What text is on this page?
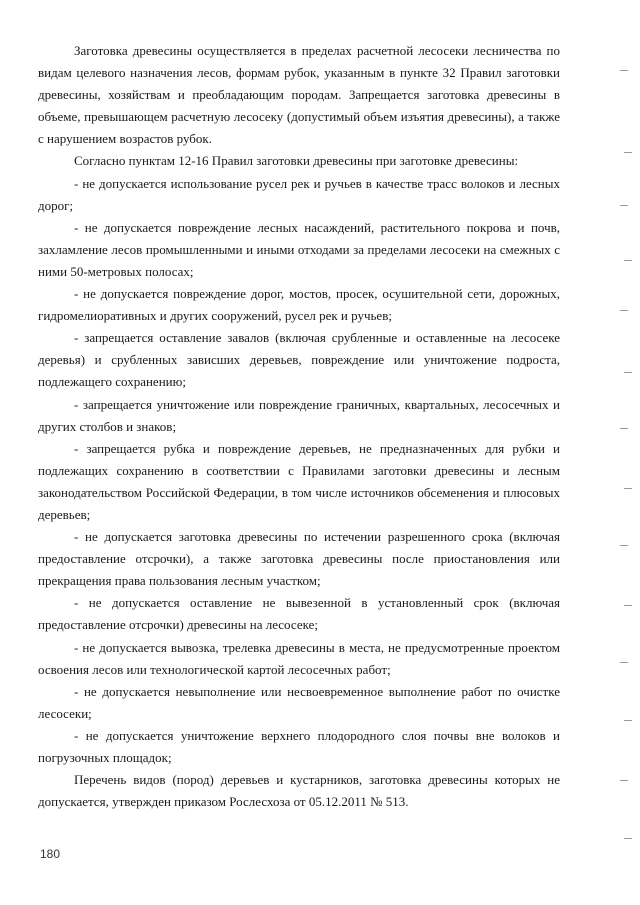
Заготовка древесины осуществляется в пределах расчетной лесосеки лесничества по видам целевого назначения лесов, формам рубок, указанным в пункте 32 Правил заготовки древесины, хозяйствам и преобладающим породам. Запрещается заготовка древесины в объеме, превышающем расчетную лесосеку (допустимый объем изъятия древесины), а также с нарушением возрастов рубок.

Согласно пунктам 12-16 Правил заготовки древесины при заготовке древесины:

- не допускается использование русел рек и ручьев в качестве трасс волоков и лесных дорог;

- не допускается повреждение лесных насаждений, растительного покрова и почв, захламление лесов промышленными и иными отходами за пределами лесосеки на смежных с ними 50-метровых полосах;

- не допускается повреждение дорог, мостов, просек, осушительной сети, дорожных, гидромелиоративных и других сооружений, русел рек и ручьев;

- запрещается оставление завалов (включая срубленные и оставленные на лесосеке деревья) и срубленных зависших деревьев, повреждение или уничтожение подроста, подлежащего сохранению;

- запрещается уничтожение или повреждение граничных, квартальных, лесосечных и других столбов и знаков;

- запрещается рубка и повреждение деревьев, не предназначенных для рубки и подлежащих сохранению в соответствии с Правилами заготовки древесины и лесным законодательством Российской Федерации, в том числе источников обсеменения и плюсовых деревьев;

- не допускается заготовка древесины по истечении разрешенного срока (включая предоставление отсрочки), а также заготовка древесины после приостановления или прекращения права пользования лесным участком;

- не допускается оставление не вывезенной в установленный срок (включая предоставление отсрочки) древесины на лесосеке;

- не допускается вывозка, трелевка древесины в места, не предусмотренные проектом освоения лесов или технологической картой лесосечных работ;

- не допускается невыполнение или несвоевременное выполнение работ по очистке лесосеки;

- не допускается уничтожение верхнего плодородного слоя почвы вне волоков и погрузочных площадок;

Перечень видов (пород) деревьев и кустарников, заготовка древесины которых не допускается, утвержден приказом Рослесхоза от 05.12.2011 № 513.

180
